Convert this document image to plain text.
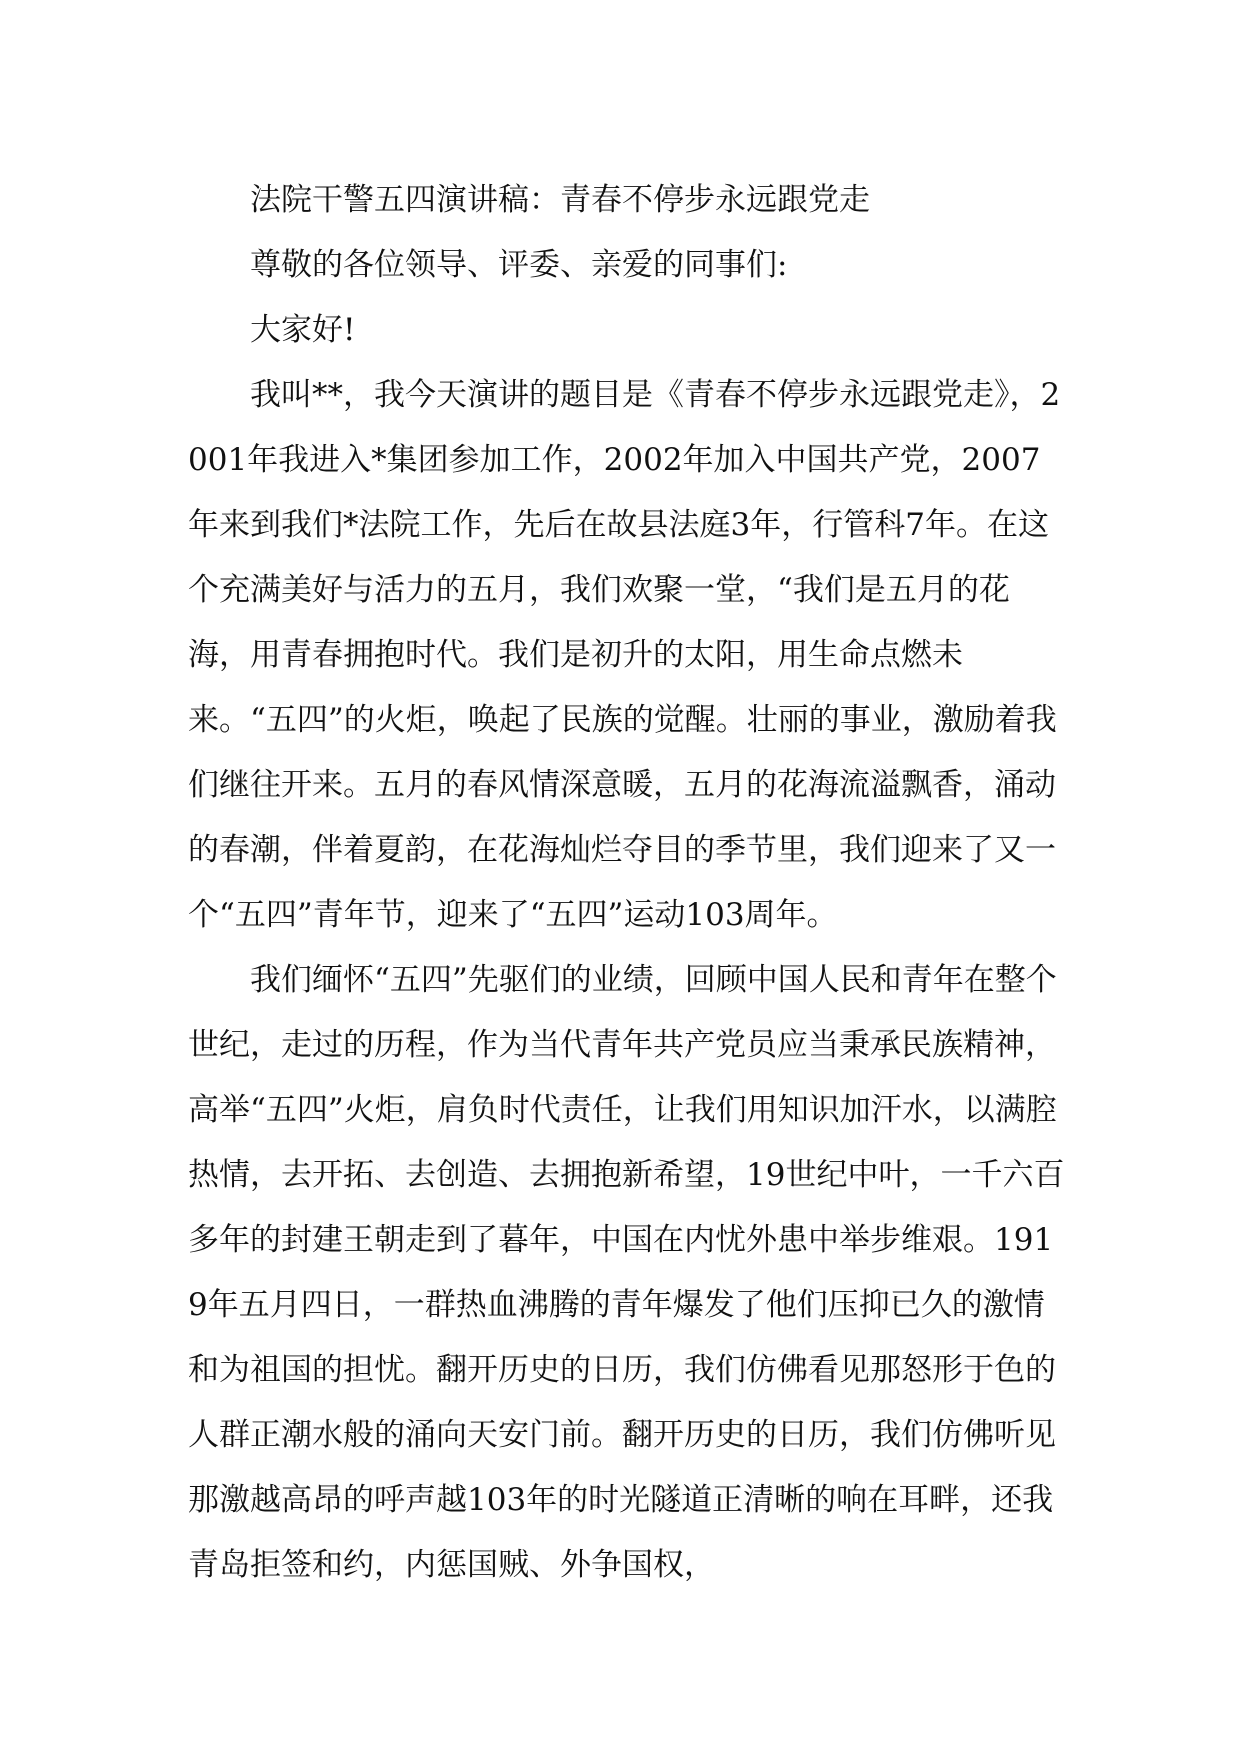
法院干警五四演讲稿：青春不停步永远跟党走

尊敬的各位领导、评委、亲爱的同事们:

大家好!

我叫**，我今天演讲的题目是《青春不停步永远跟党走》，2001年我进入*集团参加工作，2002年加入中国共产党，2007年来到我们*法院工作，先后在故县法庭3年，行管科7年。在这个充满美好与活力的五月，我们欢聚一堂，“我们是五月的花海，用青春拥抱时代。我们是初升的太阳，用生命点燃未来。“五四”的火炬，唤起了民族的觉醒。壮丽的事业，激励着我们继往开来。五月的春风情深意暖，五月的花海流溢飘香，涌动的春潮，伴着夏韵，在花海灿烂夺目的季节里，我们迎来了又一个“五四”青年节，迎来了“五四”运动103周年。

我们缅怀“五四”先驱们的业绩，回顾中国人民和青年在整个世纪，走过的历程，作为当代青年共产党员应当秉承民族精神，高举“五四”火炬，肩负时代责任，让我们用知识加汗水，以满腔热情，去开拓、去创造、去拥抱新希望，19世纪中叶，一千六百多年的封建王朝走到了暮年，中国在内忧外患中举步维艰。1919年五月四日，一群热血沸腾的青年爆发了他们压抑已久的激情和为祖国的担忧。翻开历史的日历，我们仿佛看见那怒形于色的人群正潮水般的涌向天安门前。翻开历史的日历，我们仿佛听见那激越高昂的呼声越103年的时光隧道正清晰的响在耳畔，还我青岛拒签和约，内惩国贼、外争国权，
